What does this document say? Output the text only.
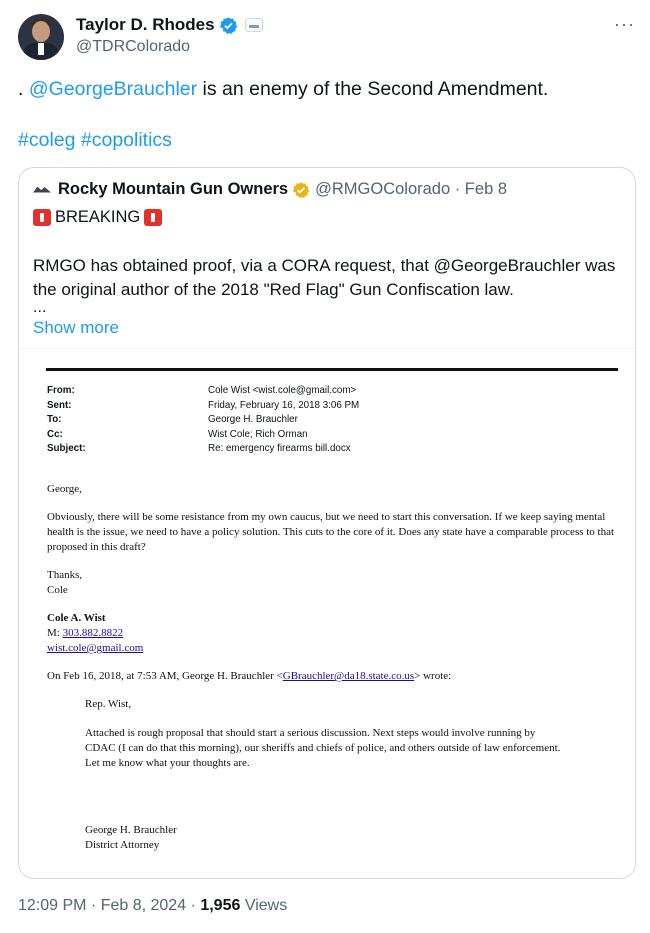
Taylor D. Rhodes
@TDRColorado
···
. @GeorgeBrauchler is an enemy of the Second Amendment.
#coleg #copolitics
Rocky Mountain Gun Owners @RMGOColorado · Feb 8
BREAKING
RMGO has obtained proof, via a CORA request, that @GeorgeBrauchler was the original author of the 2018 "Red Flag" Gun Confiscation law.
...
Show more
From:	Cole Wist <wist.cole@gmail.com>
Sent:	Friday, February 16, 2018 3:06 PM
To:	George H. Brauchler
Cc:	Wist Cole; Rich Orman
Subject:	Re: emergency firearms bill.docx
George,
Obviously, there will be some resistance from my own caucus, but we need to start this conversation. If we keep saying mental health is the issue, we need to have a policy solution. This cuts to the core of it. Does any state have a comparable process to that proposed in this draft?
Thanks,
Cole
Cole A. Wist
M: 303.882.8822
wist.cole@gmail.com
On Feb 16, 2018, at 7:53 AM, George H. Brauchler <GBrauchler@da18.state.co.us> wrote:
Rep. Wist,
Attached is rough proposal that should start a serious discussion. Next steps would involve running by CDAC (I can do that this morning), our sheriffs and chiefs of police, and others outside of law enforcement. Let me know what your thoughts are.
George H. Brauchler
District Attorney
12:09 PM · Feb 8, 2024 · 1,956 Views
